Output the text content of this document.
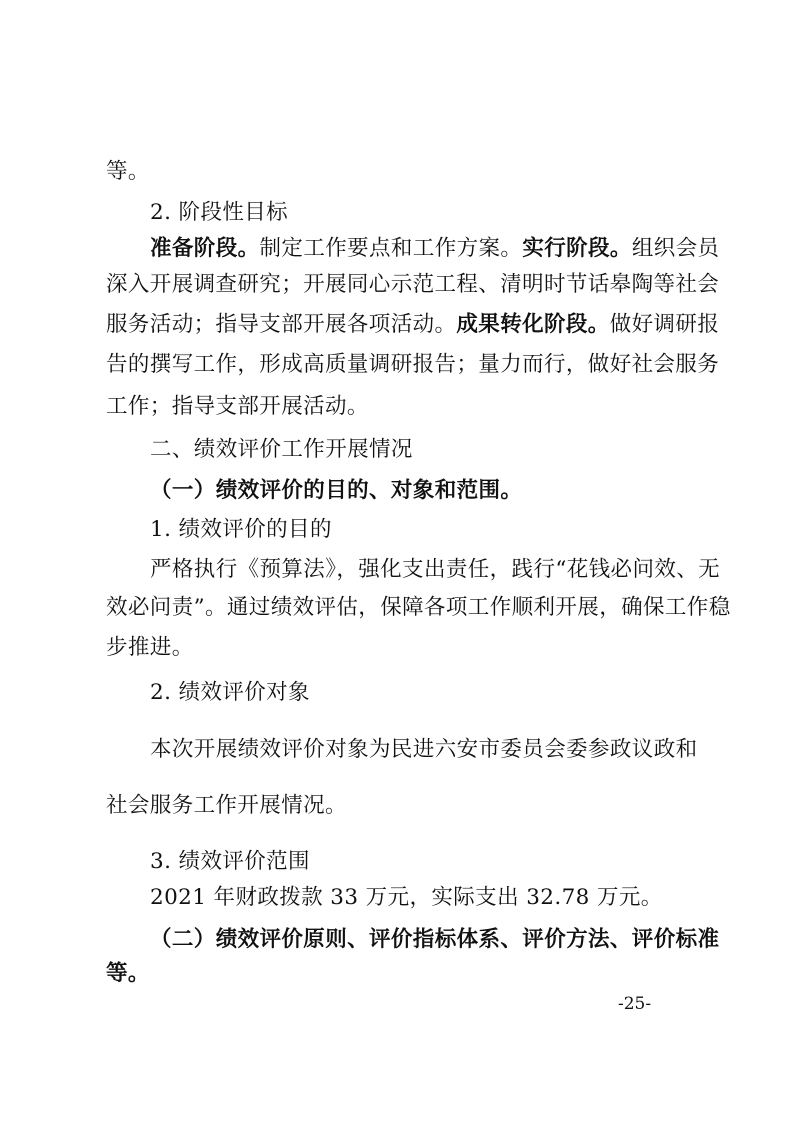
等。
2. 阶段性目标
准备阶段。制定工作要点和工作方案。实行阶段。组织会员
深入开展调查研究；开展同心示范工程、清明时节话皋陶等社会
服务活动；指导支部开展各项活动。成果转化阶段。做好调研报
告的撰写工作，形成高质量调研报告；量力而行，做好社会服务
工作；指导支部开展活动。
二、绩效评价工作开展情况
（一）绩效评价的目的、对象和范围。
1. 绩效评价的目的
严格执行《预算法》，强化支出责任，践行“花钱必问效、无
效必问责”。通过绩效评估，保障各项工作顺利开展，确保工作稳
步推进。
2. 绩效评价对象
本次开展绩效评价对象为民进六安市委员会委参政议政和
社会服务工作开展情况。
3. 绩效评价范围
2021 年财政拨款 33 万元，实际支出 32.78 万元。
（二）绩效评价原则、评价指标体系、评价方法、评价标准
等。
-25-
